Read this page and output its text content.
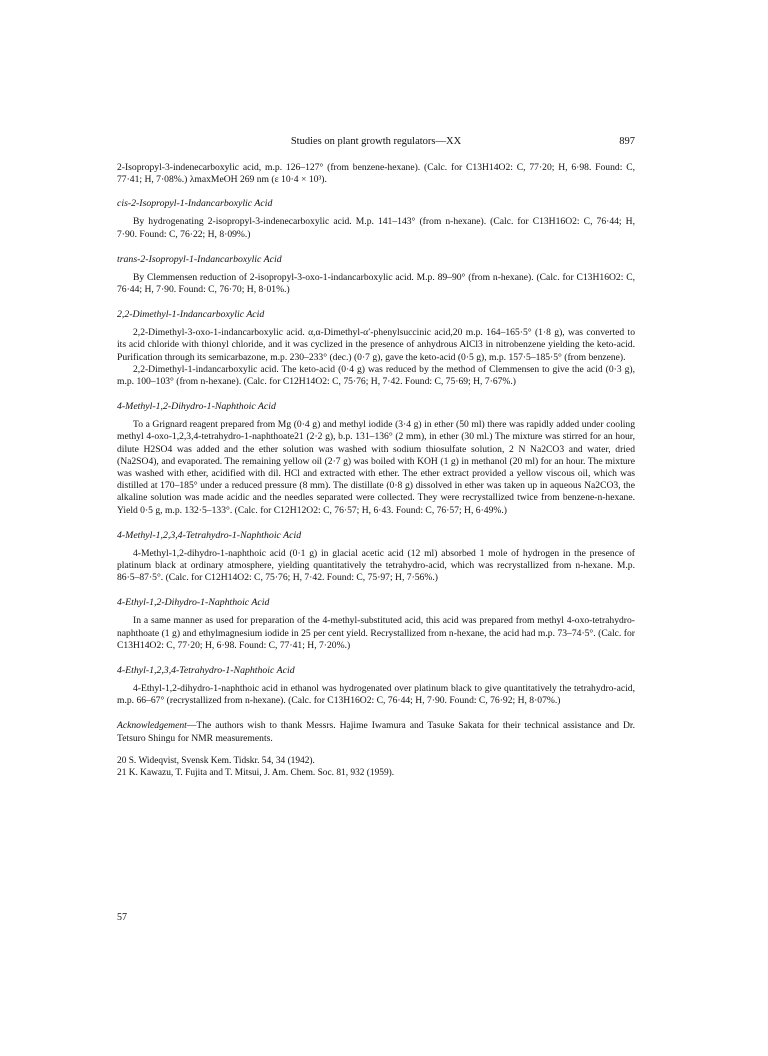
Studies on plant growth regulators—XX	897

2-Isopropyl-3-indenecarboxylic acid, m.p. 126–127° (from benzene-hexane). (Calc. for C13H14O2: C, 77·20; H, 6·98. Found: C, 77·41; H, 7·08%.) λmaxMeOH 269 nm (ε 10·4 × 10³).

cis-2-Isopropyl-1-Indancarboxylic Acid

By hydrogenating 2-isopropyl-3-indenecarboxylic acid. M.p. 141–143° (from n-hexane). (Calc. for C13H16O2: C, 76·44; H, 7·90. Found: C, 76·22; H, 8·09%.)

trans-2-Isopropyl-1-Indancarboxylic Acid

By Clemmensen reduction of 2-isopropyl-3-oxo-1-indancarboxylic acid. M.p. 89–90° (from n-hexane). (Calc. for C13H16O2: C, 76·44; H, 7·90. Found: C, 76·70; H, 8·01%.)

2,2-Dimethyl-1-Indancarboxylic Acid

2,2-Dimethyl-3-oxo-1-indancarboxylic acid. α,α-Dimethyl-α′-phenylsuccinic acid,20 m.p. 164–165·5° (1·8 g), was converted to its acid chloride with thionyl chloride, and it was cyclized in the presence of anhydrous AlCl3 in nitrobenzene yielding the keto-acid. Purification through its semicarbazone, m.p. 230–233° (dec.) (0·7 g), gave the keto-acid (0·5 g), m.p. 157·5–185·5° (from benzene).

2,2-Dimethyl-1-indancarboxylic acid. The keto-acid (0·4 g) was reduced by the method of Clemmensen to give the acid (0·3 g), m.p. 100–103° (from n-hexane). (Calc. for C12H14O2: C, 75·76; H, 7·42. Found: C, 75·69; H, 7·67%.)

4-Methyl-1,2-Dihydro-1-Naphthoic Acid

To a Grignard reagent prepared from Mg (0·4 g) and methyl iodide (3·4 g) in ether (50 ml) there was rapidly added under cooling methyl 4-oxo-1,2,3,4-tetrahydro-1-naphthoate21 (2·2 g), b.p. 131–136° (2 mm), in ether (30 ml.) The mixture was stirred for an hour, dilute H2SO4 was added and the ether solution was washed with sodium thiosulfate solution, 2 N Na2CO3 and water, dried (Na2SO4), and evaporated. The remaining yellow oil (2·7 g) was boiled with KOH (1 g) in methanol (20 ml) for an hour. The mixture was washed with ether, acidified with dil. HCl and extracted with ether. The ether extract provided a yellow viscous oil, which was distilled at 170–185° under a reduced pressure (8 mm). The distillate (0·8 g) dissolved in ether was taken up in aqueous Na2CO3, the alkaline solution was made acidic and the needles separated were collected. They were recrystallized twice from benzene-n-hexane. Yield 0·5 g, m.p. 132·5–133°. (Calc. for C12H12O2: C, 76·57; H, 6·43. Found: C, 76·57; H, 6·49%.)

4-Methyl-1,2,3,4-Tetrahydro-1-Naphthoic Acid

4-Methyl-1,2-dihydro-1-naphthoic acid (0·1 g) in glacial acetic acid (12 ml) absorbed 1 mole of hydrogen in the presence of platinum black at ordinary atmosphere, yielding quantitatively the tetrahydro-acid, which was recrystallized from n-hexane. M.p. 86·5–87·5°. (Calc. for C12H14O2: C, 75·76; H, 7·42. Found: C, 75·97; H, 7·56%.)

4-Ethyl-1,2-Dihydro-1-Naphthoic Acid

In a same manner as used for preparation of the 4-methyl-substituted acid, this acid was prepared from methyl 4-oxo-tetrahydro-naphthoate (1 g) and ethylmagnesium iodide in 25 per cent yield. Recrystallized from n-hexane, the acid had m.p. 73–74·5°. (Calc. for C13H14O2: C, 77·20; H, 6·98. Found: C, 77·41; H, 7·20%.)

4-Ethyl-1,2,3,4-Tetrahydro-1-Naphthoic Acid

4-Ethyl-1,2-dihydro-1-naphthoic acid in ethanol was hydrogenated over platinum black to give quantitatively the tetrahydro-acid, m.p. 66–67° (recrystallized from n-hexane). (Calc. for C13H16O2: C, 76·44; H, 7·90. Found: C, 76·92; H, 8·07%.)

Acknowledgement—The authors wish to thank Messrs. Hajime Iwamura and Tasuke Sakata for their technical assistance and Dr. Tetsuro Shingu for NMR measurements.
20 S. Wideqvist, Svensk Kem. Tidskr. 54, 34 (1942).
21 K. Kawazu, T. Fujita and T. Mitsui, J. Am. Chem. Soc. 81, 932 (1959).
57
